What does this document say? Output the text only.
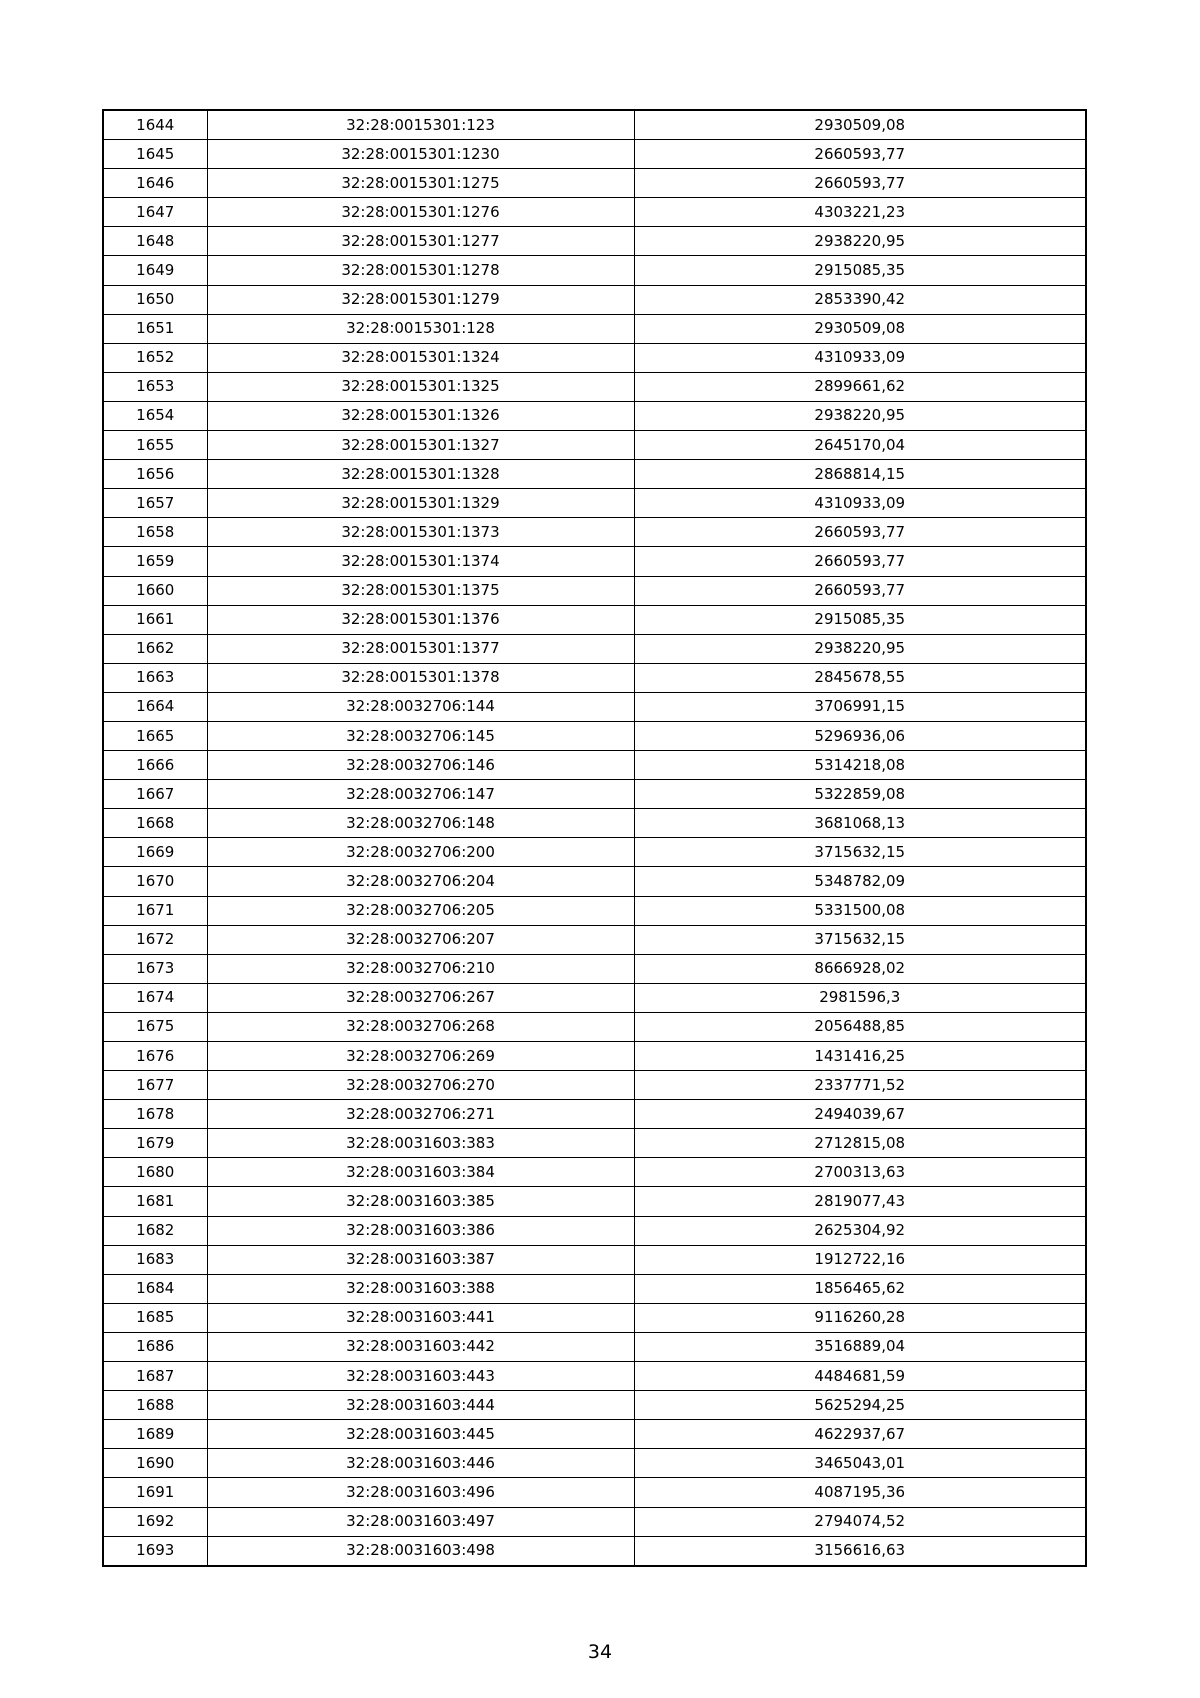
1644	32:28:0015301:123	2930509,08
1645	32:28:0015301:1230	2660593,77
1646	32:28:0015301:1275	2660593,77
1647	32:28:0015301:1276	4303221,23
1648	32:28:0015301:1277	2938220,95
1649	32:28:0015301:1278	2915085,35
1650	32:28:0015301:1279	2853390,42
1651	32:28:0015301:128	2930509,08
1652	32:28:0015301:1324	4310933,09
1653	32:28:0015301:1325	2899661,62
1654	32:28:0015301:1326	2938220,95
1655	32:28:0015301:1327	2645170,04
1656	32:28:0015301:1328	2868814,15
1657	32:28:0015301:1329	4310933,09
1658	32:28:0015301:1373	2660593,77
1659	32:28:0015301:1374	2660593,77
1660	32:28:0015301:1375	2660593,77
1661	32:28:0015301:1376	2915085,35
1662	32:28:0015301:1377	2938220,95
1663	32:28:0015301:1378	2845678,55
1664	32:28:0032706:144	3706991,15
1665	32:28:0032706:145	5296936,06
1666	32:28:0032706:146	5314218,08
1667	32:28:0032706:147	5322859,08
1668	32:28:0032706:148	3681068,13
1669	32:28:0032706:200	3715632,15
1670	32:28:0032706:204	5348782,09
1671	32:28:0032706:205	5331500,08
1672	32:28:0032706:207	3715632,15
1673	32:28:0032706:210	8666928,02
1674	32:28:0032706:267	2981596,3
1675	32:28:0032706:268	2056488,85
1676	32:28:0032706:269	1431416,25
1677	32:28:0032706:270	2337771,52
1678	32:28:0032706:271	2494039,67
1679	32:28:0031603:383	2712815,08
1680	32:28:0031603:384	2700313,63
1681	32:28:0031603:385	2819077,43
1682	32:28:0031603:386	2625304,92
1683	32:28:0031603:387	1912722,16
1684	32:28:0031603:388	1856465,62
1685	32:28:0031603:441	9116260,28
1686	32:28:0031603:442	3516889,04
1687	32:28:0031603:443	4484681,59
1688	32:28:0031603:444	5625294,25
1689	32:28:0031603:445	4622937,67
1690	32:28:0031603:446	3465043,01
1691	32:28:0031603:496	4087195,36
1692	32:28:0031603:497	2794074,52
1693	32:28:0031603:498	3156616,63
34
